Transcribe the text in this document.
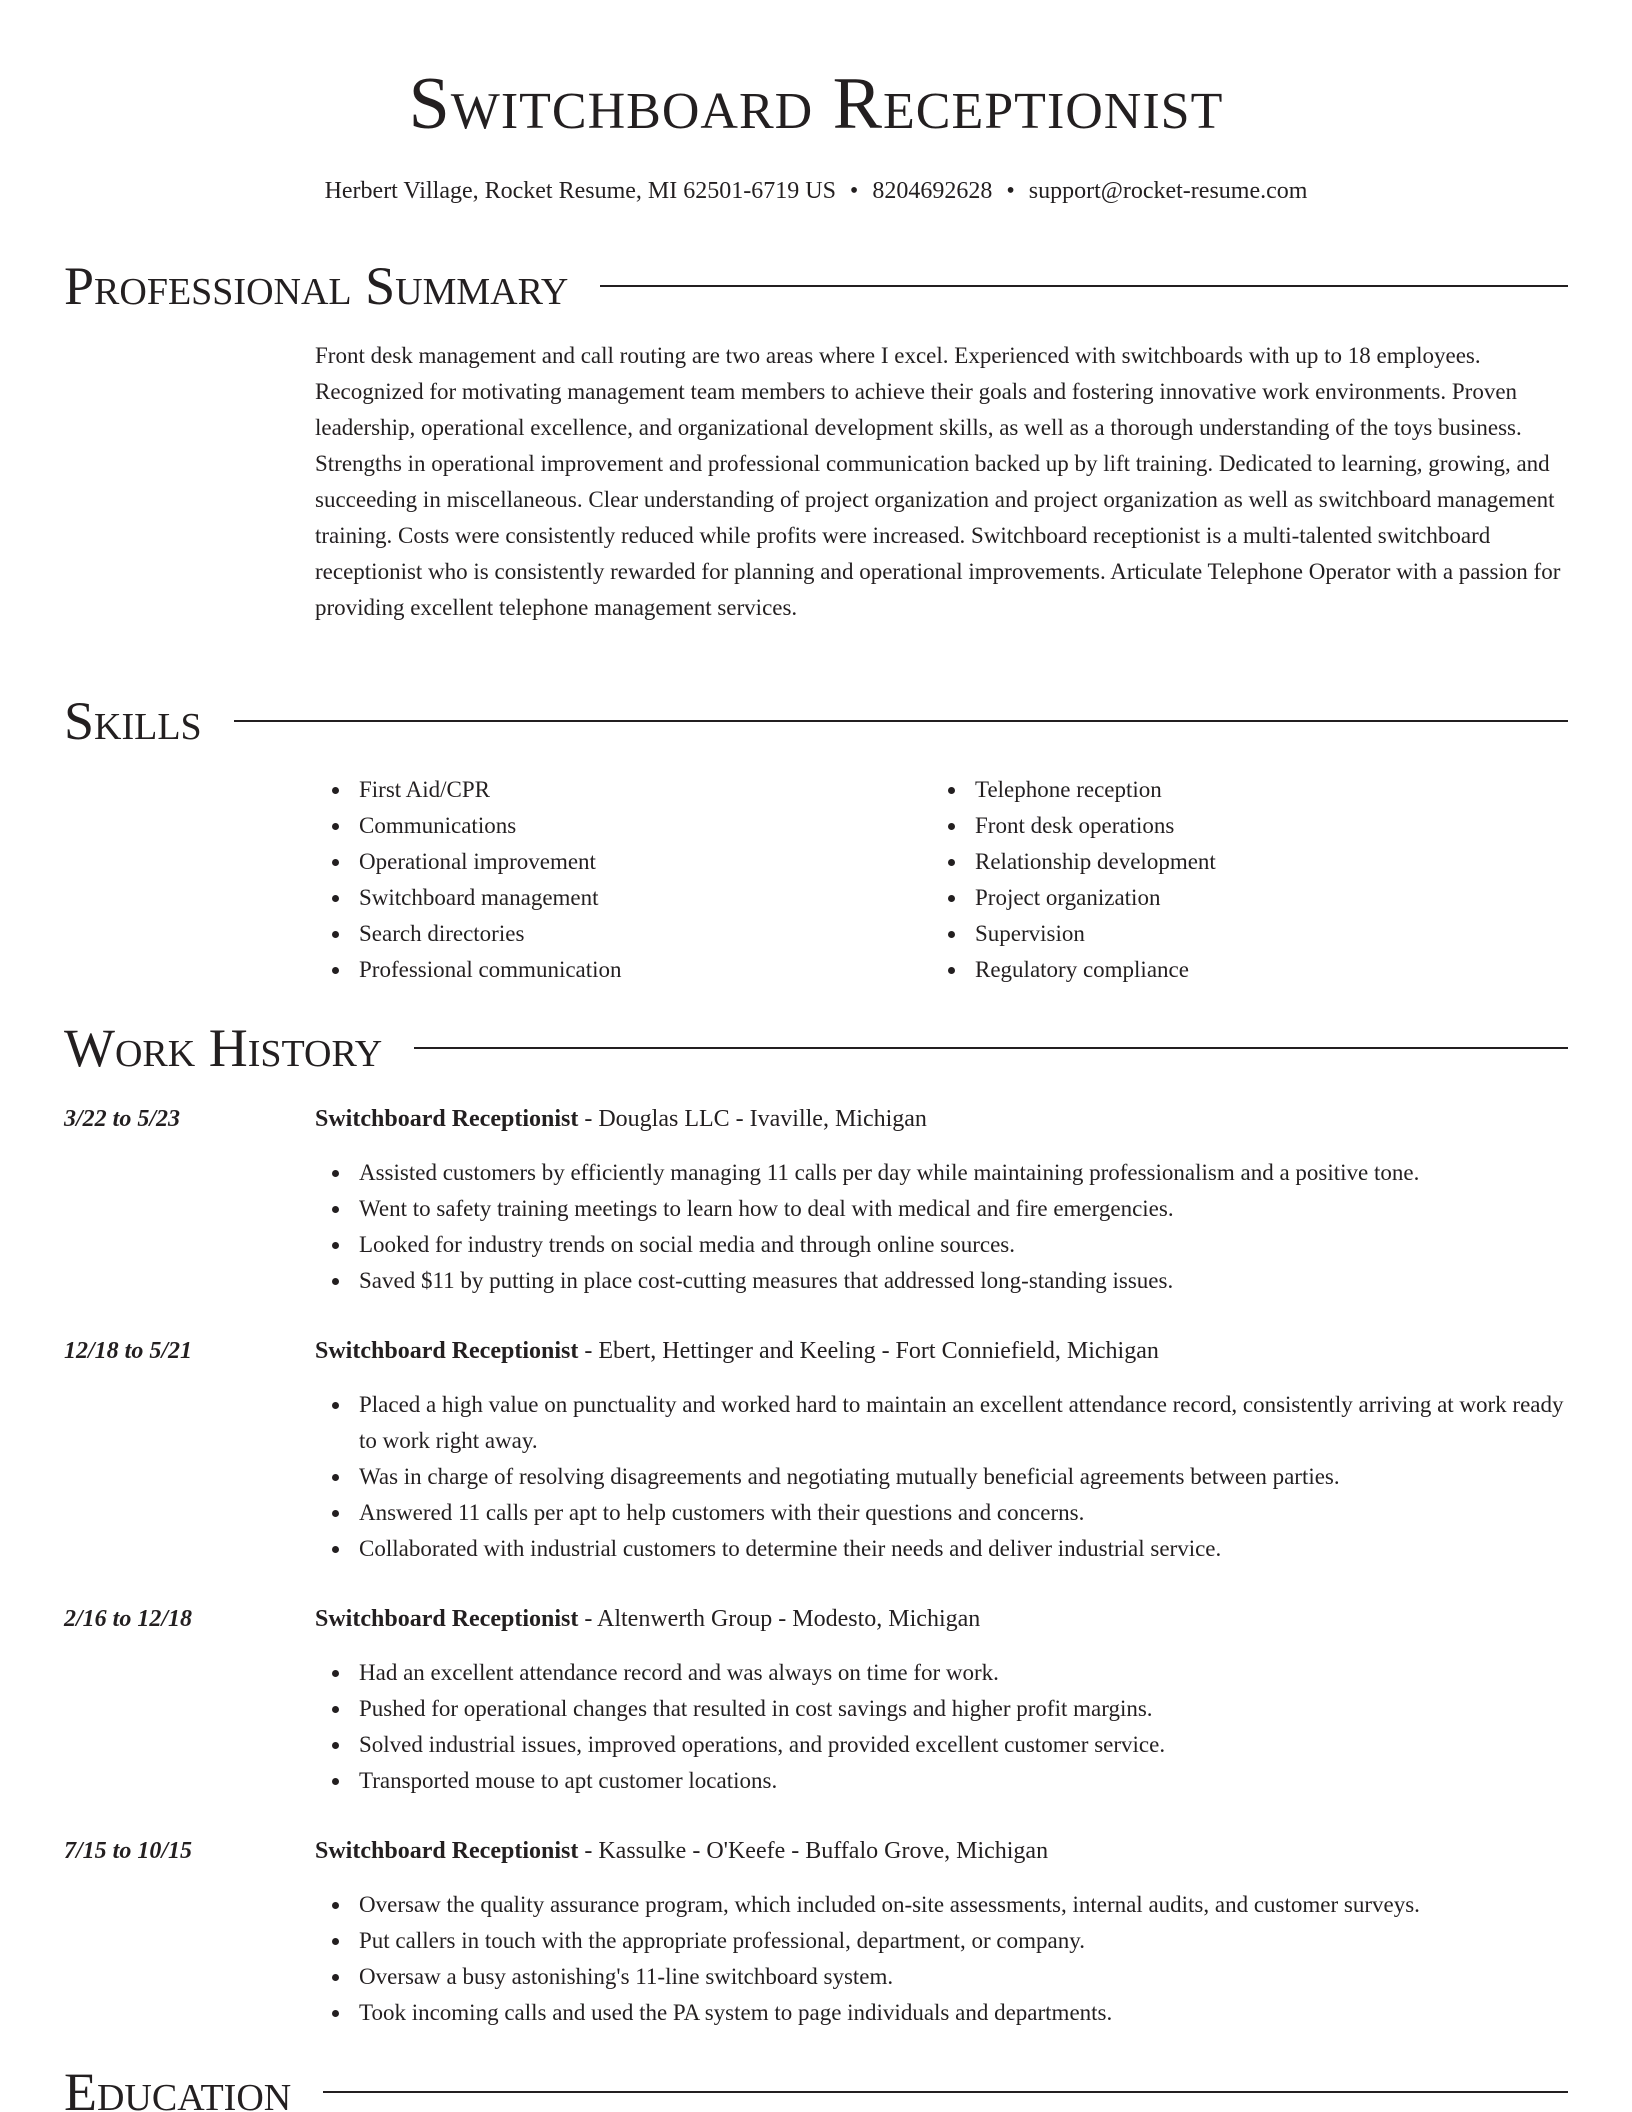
Switchboard Receptionist
Herbert Village, Rocket Resume, MI 62501-6719 US • 8204692628 • support@rocket-resume.com
Professional Summary

Front desk management and call routing are two areas where I excel. Experienced with switchboards with up to 18 employees. Recognized for motivating management team members to achieve their goals and fostering innovative work environments. Proven leadership, operational excellence, and organizational development skills, as well as a thorough understanding of the toys business. Strengths in operational improvement and professional communication backed up by lift training. Dedicated to learning, growing, and succeeding in miscellaneous. Clear understanding of project organization and project organization as well as switchboard management training. Costs were consistently reduced while profits were increased. Switchboard receptionist is a multi-talented switchboard receptionist who is consistently rewarded for planning and operational improvements. Articulate Telephone Operator with a passion for providing excellent telephone management services.

Skills
First Aid/CPR	Telephone reception
Communications	Front desk operations
Operational improvement	Relationship development
Switchboard management	Project organization
Search directories	Supervision
Professional communication	Regulatory compliance
Work History
3/22 to 5/23	Switchboard Receptionist - Douglas LLC - Ivaville, Michigan
Assisted customers by efficiently managing 11 calls per day while maintaining professionalism and a positive tone.
Went to safety training meetings to learn how to deal with medical and fire emergencies.
Looked for industry trends on social media and through online sources.
Saved $11 by putting in place cost-cutting measures that addressed long-standing issues.
12/18 to 5/21	Switchboard Receptionist - Ebert, Hettinger and Keeling - Fort Conniefield, Michigan
Placed a high value on punctuality and worked hard to maintain an excellent attendance record, consistently arriving at work ready to work right away.
Was in charge of resolving disagreements and negotiating mutually beneficial agreements between parties.
Answered 11 calls per apt to help customers with their questions and concerns.
Collaborated with industrial customers to determine their needs and deliver industrial service.
2/16 to 12/18	Switchboard Receptionist - Altenwerth Group - Modesto, Michigan
Had an excellent attendance record and was always on time for work.
Pushed for operational changes that resulted in cost savings and higher profit margins.
Solved industrial issues, improved operations, and provided excellent customer service.
Transported mouse to apt customer locations.
7/15 to 10/15	Switchboard Receptionist - Kassulke - O'Keefe - Buffalo Grove, Michigan
Oversaw the quality assurance program, which included on-site assessments, internal audits, and customer surveys.
Put callers in touch with the appropriate professional, department, or company.
Oversaw a busy astonishing's 11-line switchboard system.
Took incoming calls and used the PA system to page individuals and departments.
Education
